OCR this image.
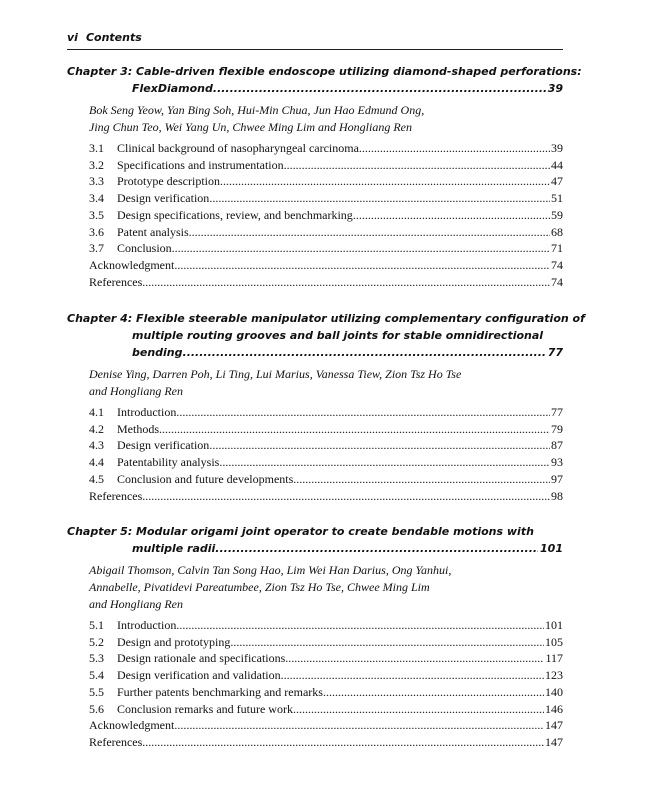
vi Contents
Chapter 3: Cable-driven flexible endoscope utilizing diamond-shaped perforations:
FlexDiamond .....	39
Bok Seng Yeow, Yan Bing Soh, Hui-Min Chua, Jun Hao Edmund Ong,
Jing Chun Teo, Wei Yang Un, Chwee Ming Lim and Hongliang Ren
3.1	Clinical background of nasopharyngeal carcinoma .....	39
3.2	Specifications and instrumentation .....	44
3.3	Prototype description .....	47
3.4	Design verification .....	51
3.5	Design specifications, review, and benchmarking .....	59
3.6	Patent analysis .....	68
3.7	Conclusion .....	71
Acknowledgment .....	74
References .....	74
Chapter 4: Flexible steerable manipulator utilizing complementary configuration of
multiple routing grooves and ball joints for stable omnidirectional
bending .....	77
Denise Ying, Darren Poh, Li Ting, Lui Marius, Vanessa Tiew, Zion Tsz Ho Tse
and Hongliang Ren
4.1	Introduction .....	77
4.2	Methods .....	79
4.3	Design verification .....	87
4.4	Patentability analysis .....	93
4.5	Conclusion and future developments .....	97
References .....	98
Chapter 5: Modular origami joint operator to create bendable motions with
multiple radii .....	101
Abigail Thomson, Calvin Tan Song Hao, Lim Wei Han Darius, Ong Yanhui,
Annabelle, Pivatidevi Pareatumbee, Zion Tsz Ho Tse, Chwee Ming Lim
and Hongliang Ren
5.1	Introduction .....	101
5.2	Design and prototyping .....	105
5.3	Design rationale and specifications .....	117
5.4	Design verification and validation .....	123
5.5	Further patents benchmarking and remarks .....	140
5.6	Conclusion remarks and future work .....	146
Acknowledgment .....	147
References .....	147
